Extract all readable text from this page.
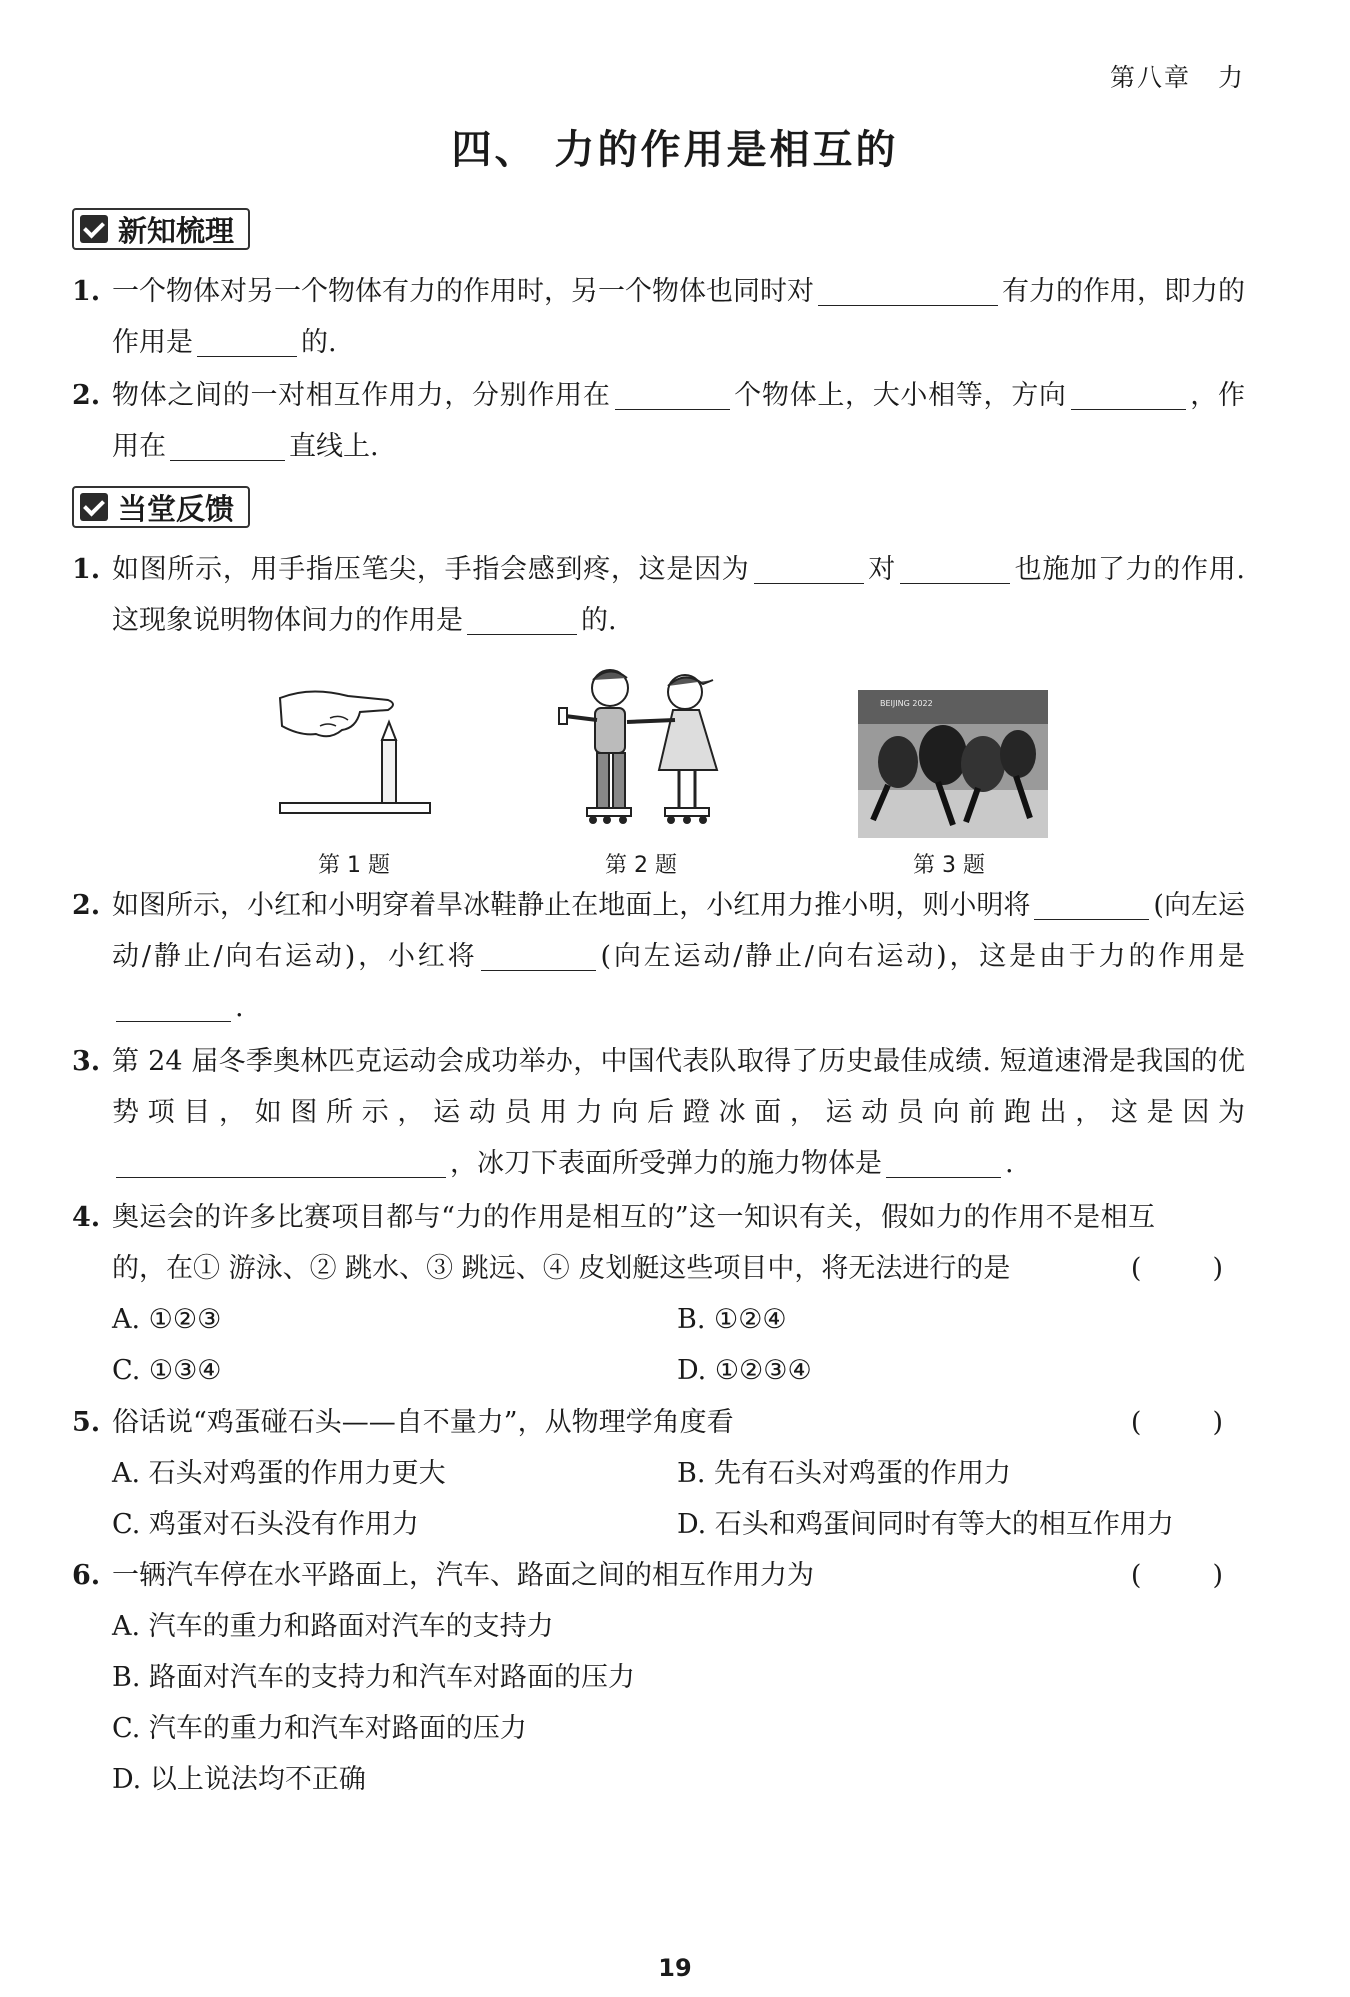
第八章　力
四、 力的作用是相互的
新知梳理
1. 一个物体对另一个物体有力的作用时，另一个物体也同时对	有力的作用，即力的作用是	的.
2. 物体之间的一对相互作用力，分别作用在	个物体上，大小相等，方向	，作用在	直线上.
当堂反馈
1. 如图所示，用手指压笔尖，手指会感到疼，这是因为	对	也施加了力的作用. 这现象说明物体间力的作用是	的.
第 1 题	第 2 题
BEIJING 2022
第 3 题
2. 如图所示，小红和小明穿着旱冰鞋静止在地面上，小红用力推小明，则小明将	(向左运动/静止/向右运动)，小红将	(向左运动/静止/向右运动)，这是由于力的作用是.
3. 第 24 届冬季奥林匹克运动会成功举办，中国代表队取得了历史最佳成绩. 短道速滑是我国的优势项目，如图所示，运动员用力向后蹬冰面，运动员向前跑出，这是因为，冰刀下表面所受弹力的施力物体是	.
4. 奥运会的许多比赛项目都与“力的作用是相互的”这一知识有关，假如力的作用不是相互的，在① 游泳、② 跳水、③ 跳远、④ 皮划艇这些项目中，将无法进行的是	(　)
A. ①②③	B. ①②④
C. ①③④	D. ①②③④
5. 俗话说“鸡蛋碰石头——自不量力”，从物理学角度看	(　)
A. 石头对鸡蛋的作用力更大	B. 先有石头对鸡蛋的作用力
C. 鸡蛋对石头没有作用力	D. 石头和鸡蛋间同时有等大的相互作用力
6. 一辆汽车停在水平路面上，汽车、路面之间的相互作用力为	(　)
A. 汽车的重力和路面对汽车的支持力
B. 路面对汽车的支持力和汽车对路面的压力
C. 汽车的重力和汽车对路面的压力
D. 以上说法均不正确
19
